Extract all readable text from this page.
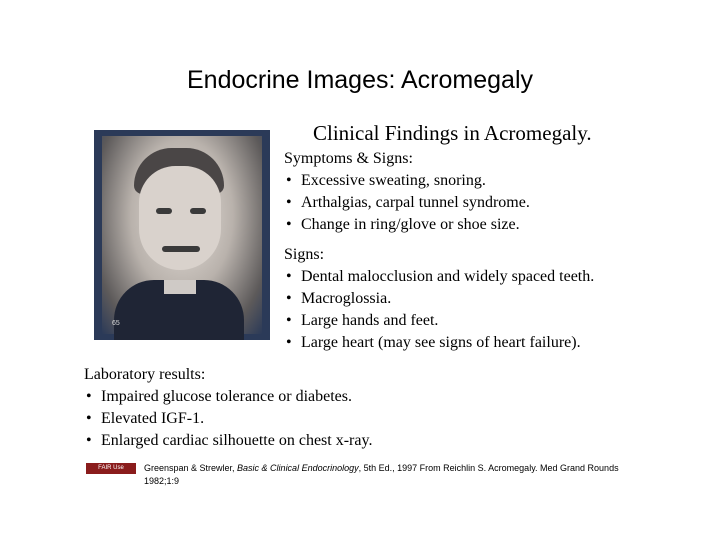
Endocrine Images: Acromegaly
65
Clinical Findings in Acromegaly.
Symptoms & Signs:
• Excessive sweating, snoring.
• Arthalgias, carpal tunnel syndrome.
• Change in ring/glove or shoe size.
Signs:
• Dental malocclusion and widely spaced teeth.
• Macroglossia.
• Large hands and feet.
• Large heart (may see signs of heart failure).
Laboratory results:
• Impaired glucose tolerance or diabetes.
• Elevated IGF-1.
• Enlarged cardiac silhouette on chest x-ray.
FAIR Use	Greenspan & Strewler, Basic & Clinical Endocrinology, 5th Ed., 1997 From Reichlin S. Acromegaly. Med Grand Rounds 1982;1:9
